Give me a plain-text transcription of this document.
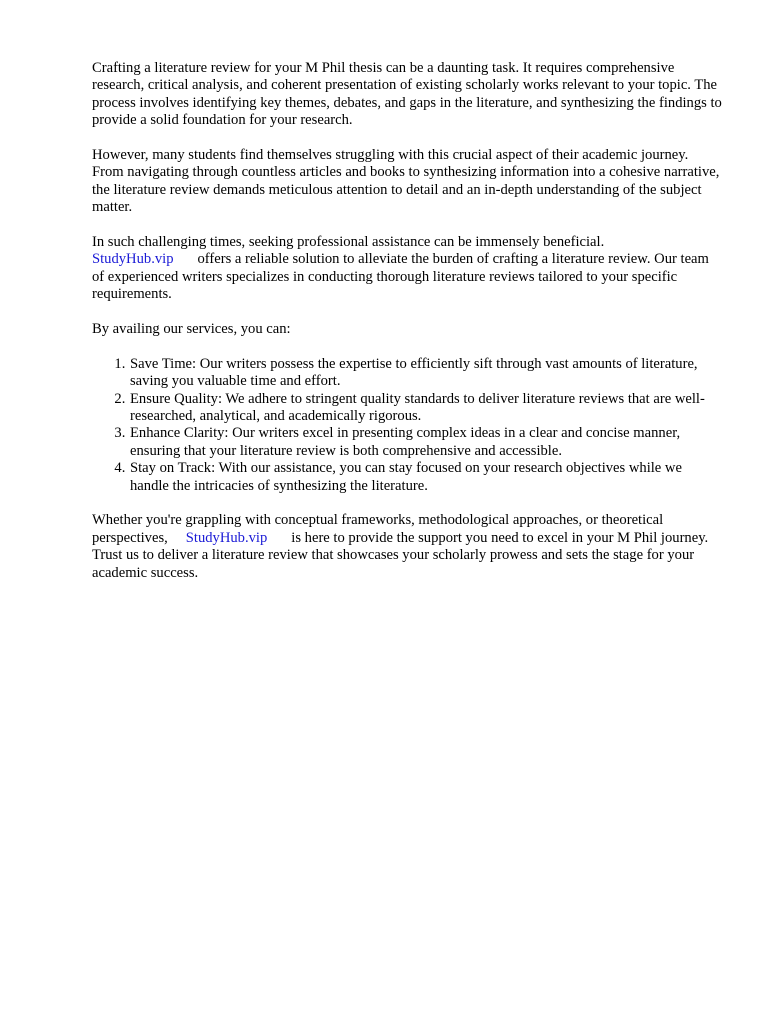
Crafting a literature review for your M Phil thesis can be a daunting task. It requires comprehensive research, critical analysis, and coherent presentation of existing scholarly works relevant to your topic. The process involves identifying key themes, debates, and gaps in the literature, and synthesizing the findings to provide a solid foundation for your research.

However, many students find themselves struggling with this crucial aspect of their academic journey. From navigating through countless articles and books to synthesizing information into a cohesive narrative, the literature review demands meticulous attention to detail and an in-depth understanding of the subject matter.

In such challenging times, seeking professional assistance can be immensely beneficial.
StudyHub.vip offers a reliable solution to alleviate the burden of crafting a literature review. Our team of experienced writers specializes in conducting thorough literature reviews tailored to your specific requirements.

By availing our services, you can:

1. Save Time: Our writers possess the expertise to efficiently sift through vast amounts of literature, saving you valuable time and effort.
2. Ensure Quality: We adhere to stringent quality standards to deliver literature reviews that are well-researched, analytical, and academically rigorous.
3. Enhance Clarity: Our writers excel in presenting complex ideas in a clear and concise manner, ensuring that your literature review is both comprehensive and accessible.
4. Stay on Track: With our assistance, you can stay focused on your research objectives while we handle the intricacies of synthesizing the literature.

Whether you're grappling with conceptual frameworks, methodological approaches, or theoretical perspectives, StudyHub.vip is here to provide the support you need to excel in your M Phil journey. Trust us to deliver a literature review that showcases your scholarly prowess and sets the stage for your academic success.
